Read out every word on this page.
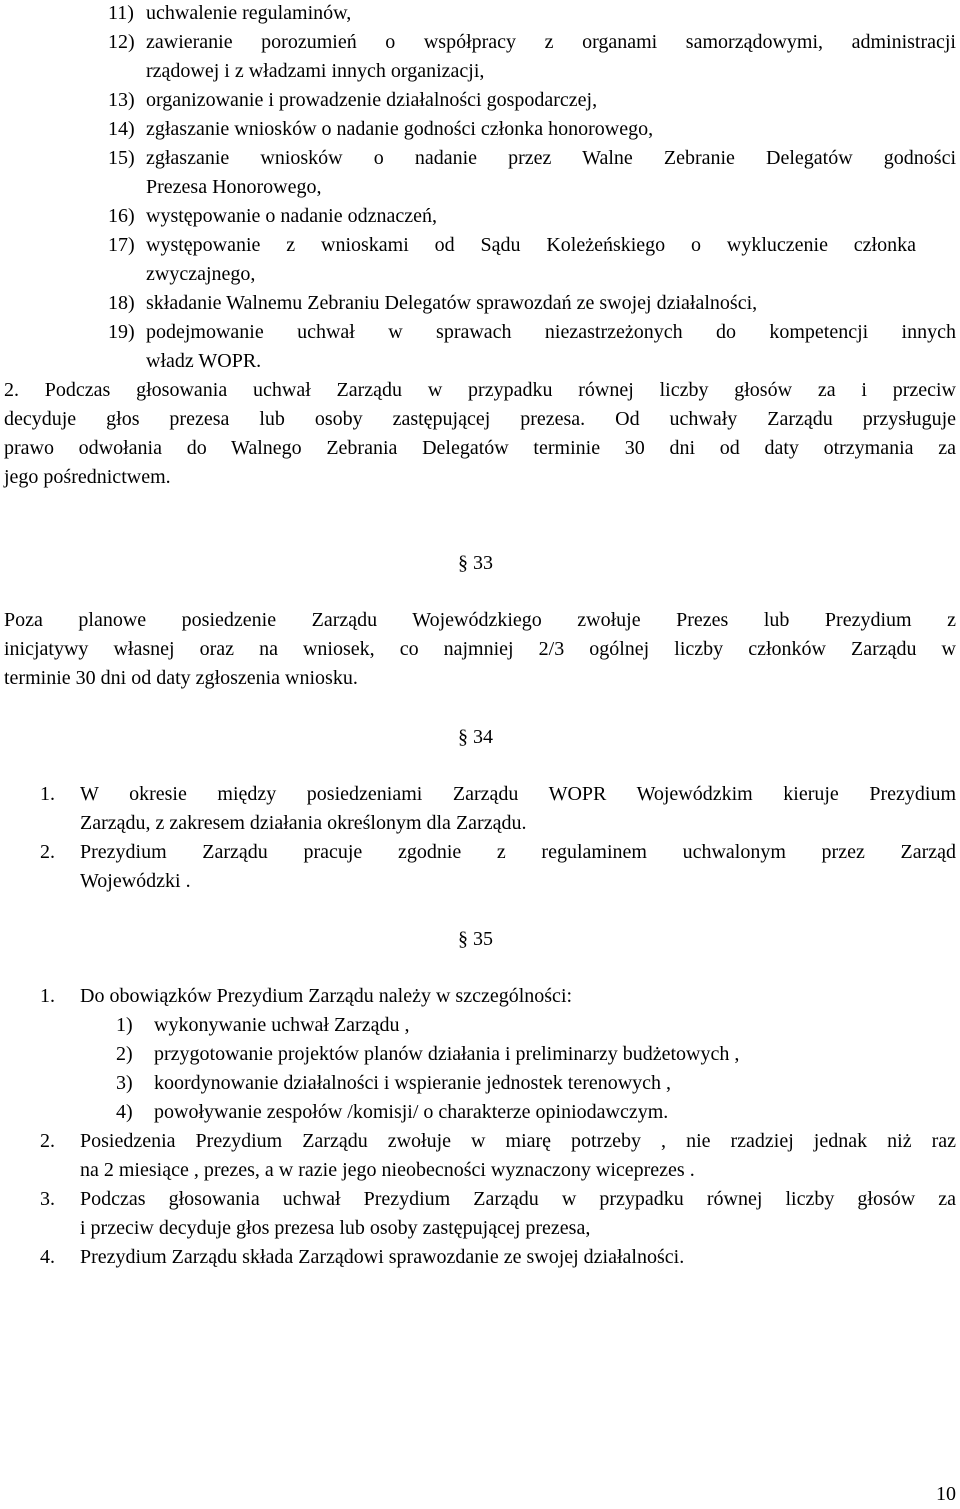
11) uchwalenie regulaminów,
12) zawieranie porozumień o współpracy z organami samorządowymi, administracji
rządowej i z władzami innych organizacji,
13) organizowanie i prowadzenie działalności gospodarczej,
14) zgłaszanie wniosków o nadanie godności członka honorowego,
15) zgłaszanie wniosków o nadanie przez Walne Zebranie Delegatów godności
Prezesa Honorowego,
16) występowanie o nadanie odznaczeń,
17) występowanie z wnioskami od Sądu Koleżeńskiego o wykluczenie członka
zwyczajnego,
18) składanie Walnemu Zebraniu Delegatów sprawozdań ze swojej działalności,
19) podejmowanie uchwał w sprawach niezastrzeżonych do kompetencji innych
władz WOPR.
2. Podczas głosowania uchwał Zarządu w przypadku równej liczby głosów za i przeciw
decyduje głos prezesa lub osoby zastępującej prezesa. Od uchwały Zarządu przysługuje
prawo odwołania do Walnego Zebrania Delegatów terminie 30 dni od daty otrzymania za
jego pośrednictwem.
§ 33
Poza planowe posiedzenie Zarządu Wojewódzkiego zwołuje Prezes lub Prezydium z
inicjatywy własnej oraz na wniosek, co najmniej 2/3 ogólnej liczby członków Zarządu w
terminie 30 dni od daty zgłoszenia wniosku.
§ 34
1. W okresie między posiedzeniami Zarządu WOPR Wojewódzkim kieruje Prezydium
Zarządu, z zakresem działania określonym dla Zarządu.
2. Prezydium Zarządu pracuje zgodnie z regulaminem uchwalonym przez Zarząd
Wojewódzki .
§ 35
1. Do obowiązków Prezydium Zarządu należy w szczególności:
1) wykonywanie uchwał Zarządu ,
2) przygotowanie projektów planów działania i preliminarzy budżetowych ,
3) koordynowanie działalności i wspieranie jednostek terenowych ,
4) powoływanie zespołów /komisji/ o charakterze opiniodawczym.
2. Posiedzenia Prezydium Zarządu zwołuje w miarę potrzeby , nie rzadziej jednak niż raz
na 2 miesiące , prezes, a w razie jego nieobecności wyznaczony wiceprezes .
3. Podczas głosowania uchwał Prezydium Zarządu w przypadku równej liczby głosów za
i przeciw decyduje głos prezesa lub osoby zastępującej prezesa,
4. Prezydium Zarządu składa Zarządowi sprawozdanie ze swojej działalności.
10
